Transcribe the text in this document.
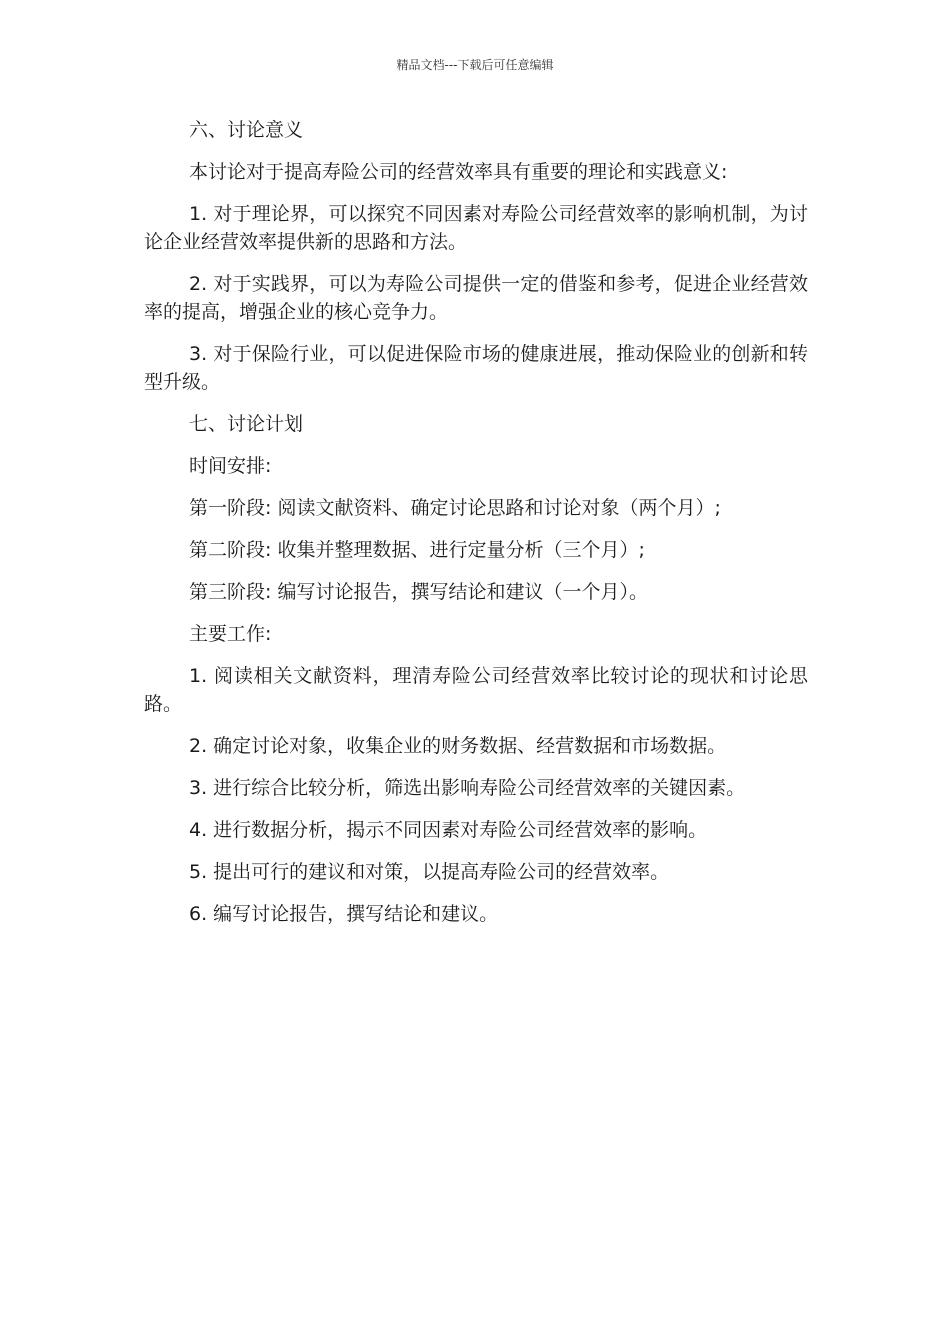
精品文档---下载后可任意编辑

六、讨论意义

本讨论对于提高寿险公司的经营效率具有重要的理论和实践意义:

1. 对于理论界，可以探究不同因素对寿险公司经营效率的影响机制，为讨论企业经营效率提供新的思路和方法。

2. 对于实践界，可以为寿险公司提供一定的借鉴和参考，促进企业经营效率的提高，增强企业的核心竞争力。

3. 对于保险行业，可以促进保险市场的健康进展，推动保险业的创新和转型升级。

七、讨论计划

时间安排:

第一阶段: 阅读文献资料、确定讨论思路和讨论对象（两个月）;

第二阶段: 收集并整理数据、进行定量分析（三个月）;

第三阶段: 编写讨论报告，撰写结论和建议（一个月）。

主要工作:

1. 阅读相关文献资料，理清寿险公司经营效率比较讨论的现状和讨论思路。

2. 确定讨论对象，收集企业的财务数据、经营数据和市场数据。

3. 进行综合比较分析，筛选出影响寿险公司经营效率的关键因素。

4. 进行数据分析，揭示不同因素对寿险公司经营效率的影响。

5. 提出可行的建议和对策，以提高寿险公司的经营效率。

6. 编写讨论报告，撰写结论和建议。
